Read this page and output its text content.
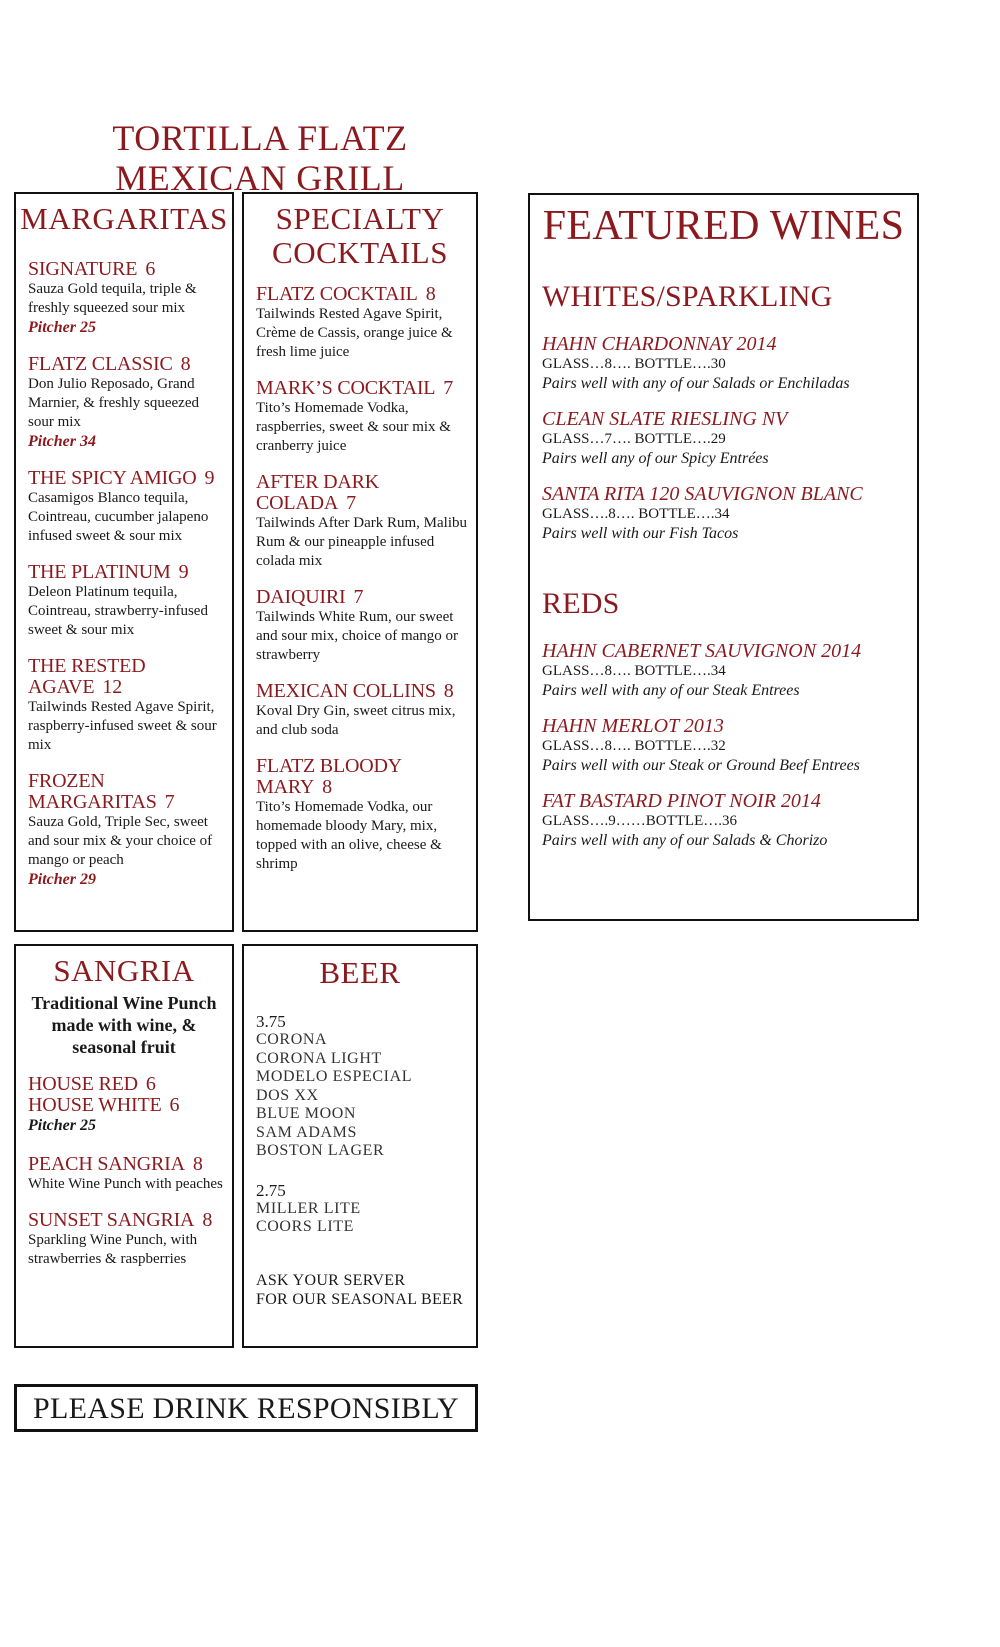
TORTILLA FLATZ
MEXICAN GRILL
MARGARITAS
SIGNATURE 6
Sauza Gold tequila, triple & freshly squeezed sour mix
Pitcher 25
FLATZ CLASSIC 8
Don Julio Reposado, Grand Marnier, & freshly squeezed sour mix
Pitcher 34
THE SPICY AMIGO 9
Casamigos Blanco tequila, Cointreau, cucumber jalapeno infused sweet & sour mix
THE PLATINUM 9
Deleon Platinum tequila, Cointreau, strawberry-infused sweet & sour mix
THE RESTED AGAVE 12
Tailwinds Rested Agave Spirit, raspberry-infused sweet & sour mix
FROZEN MARGARITAS 7
Sauza Gold, Triple Sec, sweet and sour mix & your choice of mango or peach
Pitcher 29
SPECIALTY
COCKTAILS
FLATZ COCKTAIL 8
Tailwinds Rested Agave Spirit, Crème de Cassis, orange juice & fresh lime juice
MARK’S COCKTAIL 7
Tito’s Homemade Vodka, raspberries, sweet & sour mix & cranberry juice
AFTER DARK COLADA 7
Tailwinds After Dark Rum, Malibu Rum & our pineapple infused colada mix
DAIQUIRI 7
Tailwinds White Rum, our sweet and sour mix, choice of mango or strawberry
MEXICAN COLLINS 8
Koval Dry Gin, sweet citrus mix, and club soda
FLATZ BLOODY MARY 8
Tito’s Homemade Vodka, our homemade bloody Mary, mix, topped with an olive, cheese & shrimp
FEATURED WINES
WHITES/SPARKLING
HAHN CHARDONNAY 2014
GLASS…8…. BOTTLE….30
Pairs well with any of our Salads or Enchiladas
CLEAN SLATE RIESLING NV
GLASS…7…. BOTTLE….29
Pairs well any of our Spicy Entrées
SANTA RITA 120 SAUVIGNON BLANC
GLASS….8…. BOTTLE….34
Pairs well with our Fish Tacos
REDS
HAHN CABERNET SAUVIGNON 2014
GLASS…8…. BOTTLE….34
Pairs well with any of our Steak Entrees
HAHN MERLOT 2013
GLASS…8…. BOTTLE….32
Pairs well with our Steak or Ground Beef Entrees
FAT BASTARD PINOT NOIR 2014
GLASS….9……BOTTLE….36
Pairs well with any of our Salads & Chorizo
SANGRIA
Traditional Wine Punch made with wine, & seasonal fruit
HOUSE RED 6
HOUSE WHITE 6
Pitcher 25
PEACH SANGRIA 8
White Wine Punch with peaches
SUNSET SANGRIA 8
Sparkling Wine Punch, with strawberries & raspberries
BEER
3.75
CORONA
CORONA LIGHT
MODELO ESPECIAL
DOS XX
BLUE MOON
SAM ADAMS
BOSTON LAGER
2.75
MILLER LITE
COORS LITE
ASK YOUR SERVER
FOR OUR SEASONAL BEER
PLEASE DRINK RESPONSIBLY
